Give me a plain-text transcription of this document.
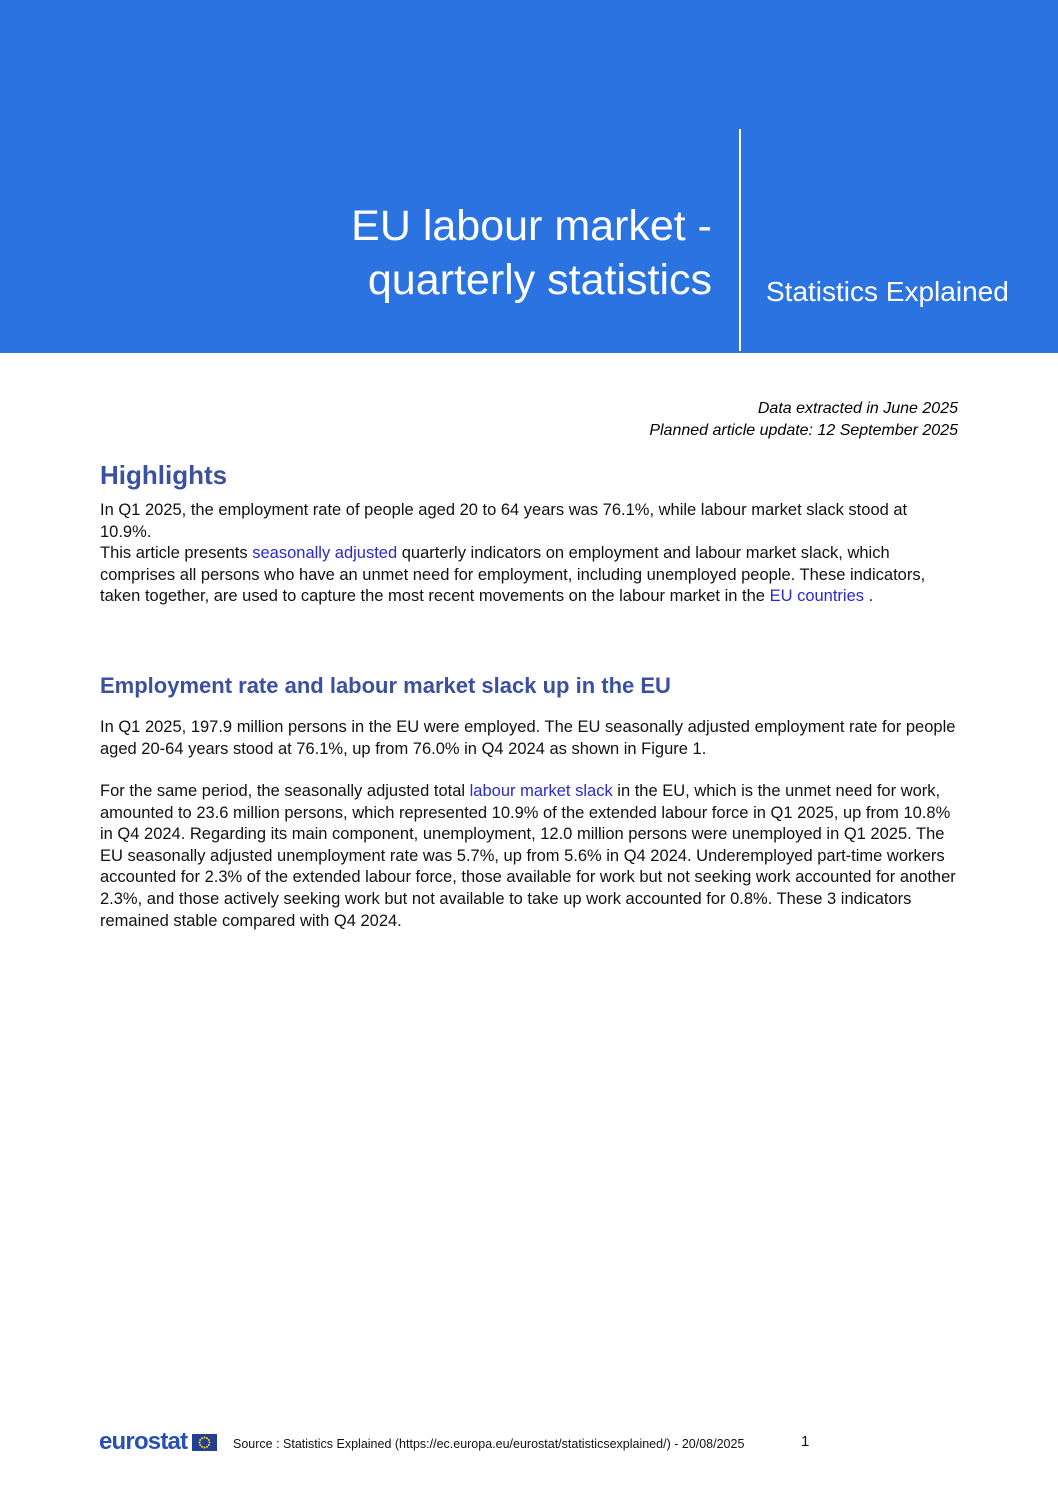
EU labour market -
quarterly statistics Statistics Explained
Data extracted in June 2025
Planned article update: 12 September 2025
Highlights

In Q1 2025, the employment rate of people aged 20 to 64 years was 76.1%, while labour market slack stood at 10.9%.

This article presents seasonally adjusted quarterly indicators on employment and labour market slack, which comprises all persons who have an unmet need for employment, including unemployed people. These indicators, taken together, are used to capture the most recent movements on the labour market in the EU countries .

Employment rate and labour market slack up in the EU

In Q1 2025, 197.9 million persons in the EU were employed. The EU seasonally adjusted employment rate for people aged 20-64 years stood at 76.1%, up from 76.0% in Q4 2024 as shown in Figure 1.

For the same period, the seasonally adjusted total labour market slack in the EU, which is the unmet need for work, amounted to 23.6 million persons, which represented 10.9% of the extended labour force in Q1 2025, up from 10.8% in Q4 2024. Regarding its main component, unemployment, 12.0 million persons were unemployed in Q1 2025. The EU seasonally adjusted unemployment rate was 5.7%, up from 5.6% in Q4 2024. Underemployed part-time workers accounted for 2.3% of the extended labour force, those available for work but not seeking work accounted for another 2.3%, and those actively seeking work but not available to take up work accounted for 0.8%. These 3 indicators remained stable compared with Q4 2024.

eurostat	Source : Statistics Explained (https://ec.europa.eu/eurostat/statisticsexplained/) - 20/08/2025	1
